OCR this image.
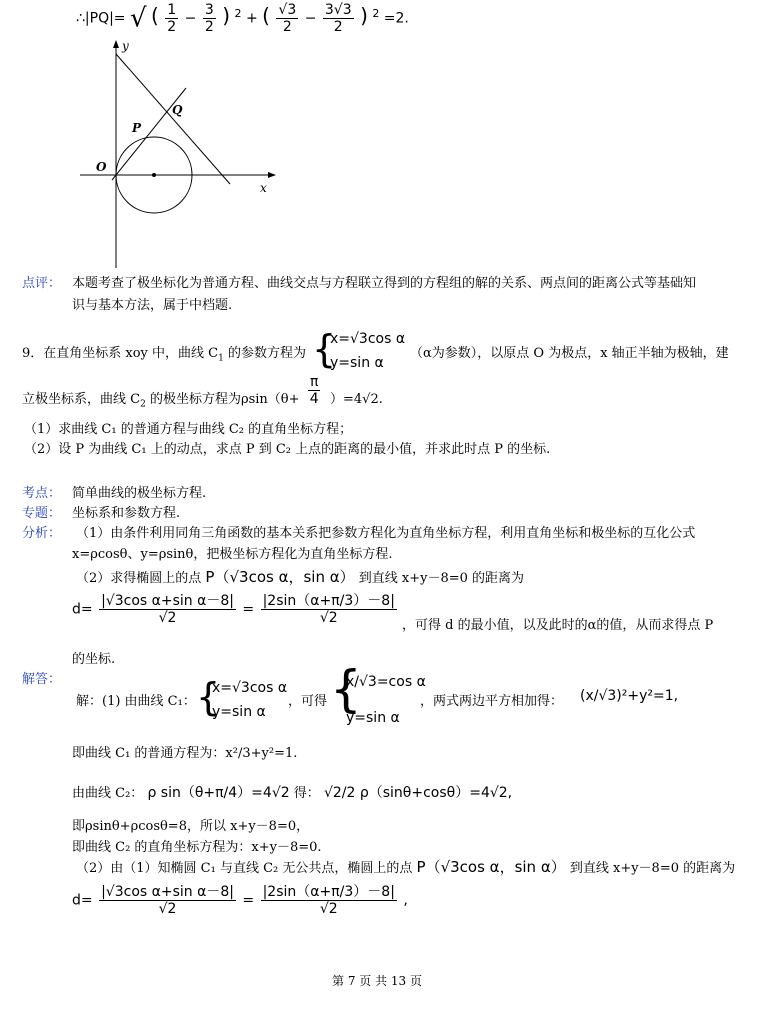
∴|PQ|= √ ( $\frac{1}{2} - \frac{3}{2}$ ) $^2$ + ( $\frac{√3}{2} - \frac{3√3}{2}$ ) $^2$ =2.
y
x
O
P
Q
点评： 本题考查了极坐标化为普通方程、曲线交点与方程联立得到的方程组的解的关系、两点间的距离公式等基础知
识与基本方法，属于中档题.
9．在直角坐标系 xoy 中，曲线 $C_1$ 的参数方程为 {
x=√3cos α
y=sin α
（α为参数），以原点 O 为极点，x 轴正半轴为极轴，建
立极坐标系，曲线 $C_2$ 的极坐标方程为$\rho\sin(\theta+ \frac{\pi}{4} )=4√2$.
（1）求曲线 C₁ 的普通方程与曲线 C₂ 的直角坐标方程；
（2）设 P 为曲线 C₁ 上的动点，求点 P 到 C₂ 上点的距离的最小值，并求此时点 P 的坐标.
考点： 简单曲线的极坐标方程.
专题： 坐标系和参数方程.
分析： （1）由条件利用同角三角函数的基本关系把参数方程化为直角坐标方程，利用直角坐标和极坐标的互化公式
x=ρcosθ、y=ρsinθ，把极坐标方程化为直角坐标方程.
（2）求得椭圆上的点 P（√3cos α，sin α） 到直线 x+y－8=0 的距离为
$d= \frac{\text{|√3cos α+sin α－8|}}{√2} = \frac{|2\sin(\alpha+\pi/3)-8|}{√2}$ ，可得 d 的最小值，以及此时的α的值，从而求得点 P
的坐标.
解答：
解：(1) 由曲线 C₁： {
x=√3cos α
y=sin α
，可得 {
x/√3=cos α
y=sin α
，两式两边平方相加得： (x/√3)²+y²=1,
即曲线 C₁ 的普通方程为：x²/3+y²=1.
由曲线 C₂： ρ sin（θ+π/4）=4√2 得： √2/2 ρ（sinθ+cosθ）=4√2,
即ρsinθ+ρcosθ=8，所以 x+y－8=0，
即曲线 C₂ 的直角坐标方程为：x+y－8=0.
（2）由（1）知椭圆 C₁ 与直线 C₂ 无公共点，椭圆上的点 P（√3cos α，sin α） 到直线 x+y－8=0 的距离为
$d= \frac{\text{|√3cos α+sin α－8|}}{√2} = \frac{|2\sin(\alpha+\pi/3)-8|}{√2}$ ,
第 7 页 共 13 页
